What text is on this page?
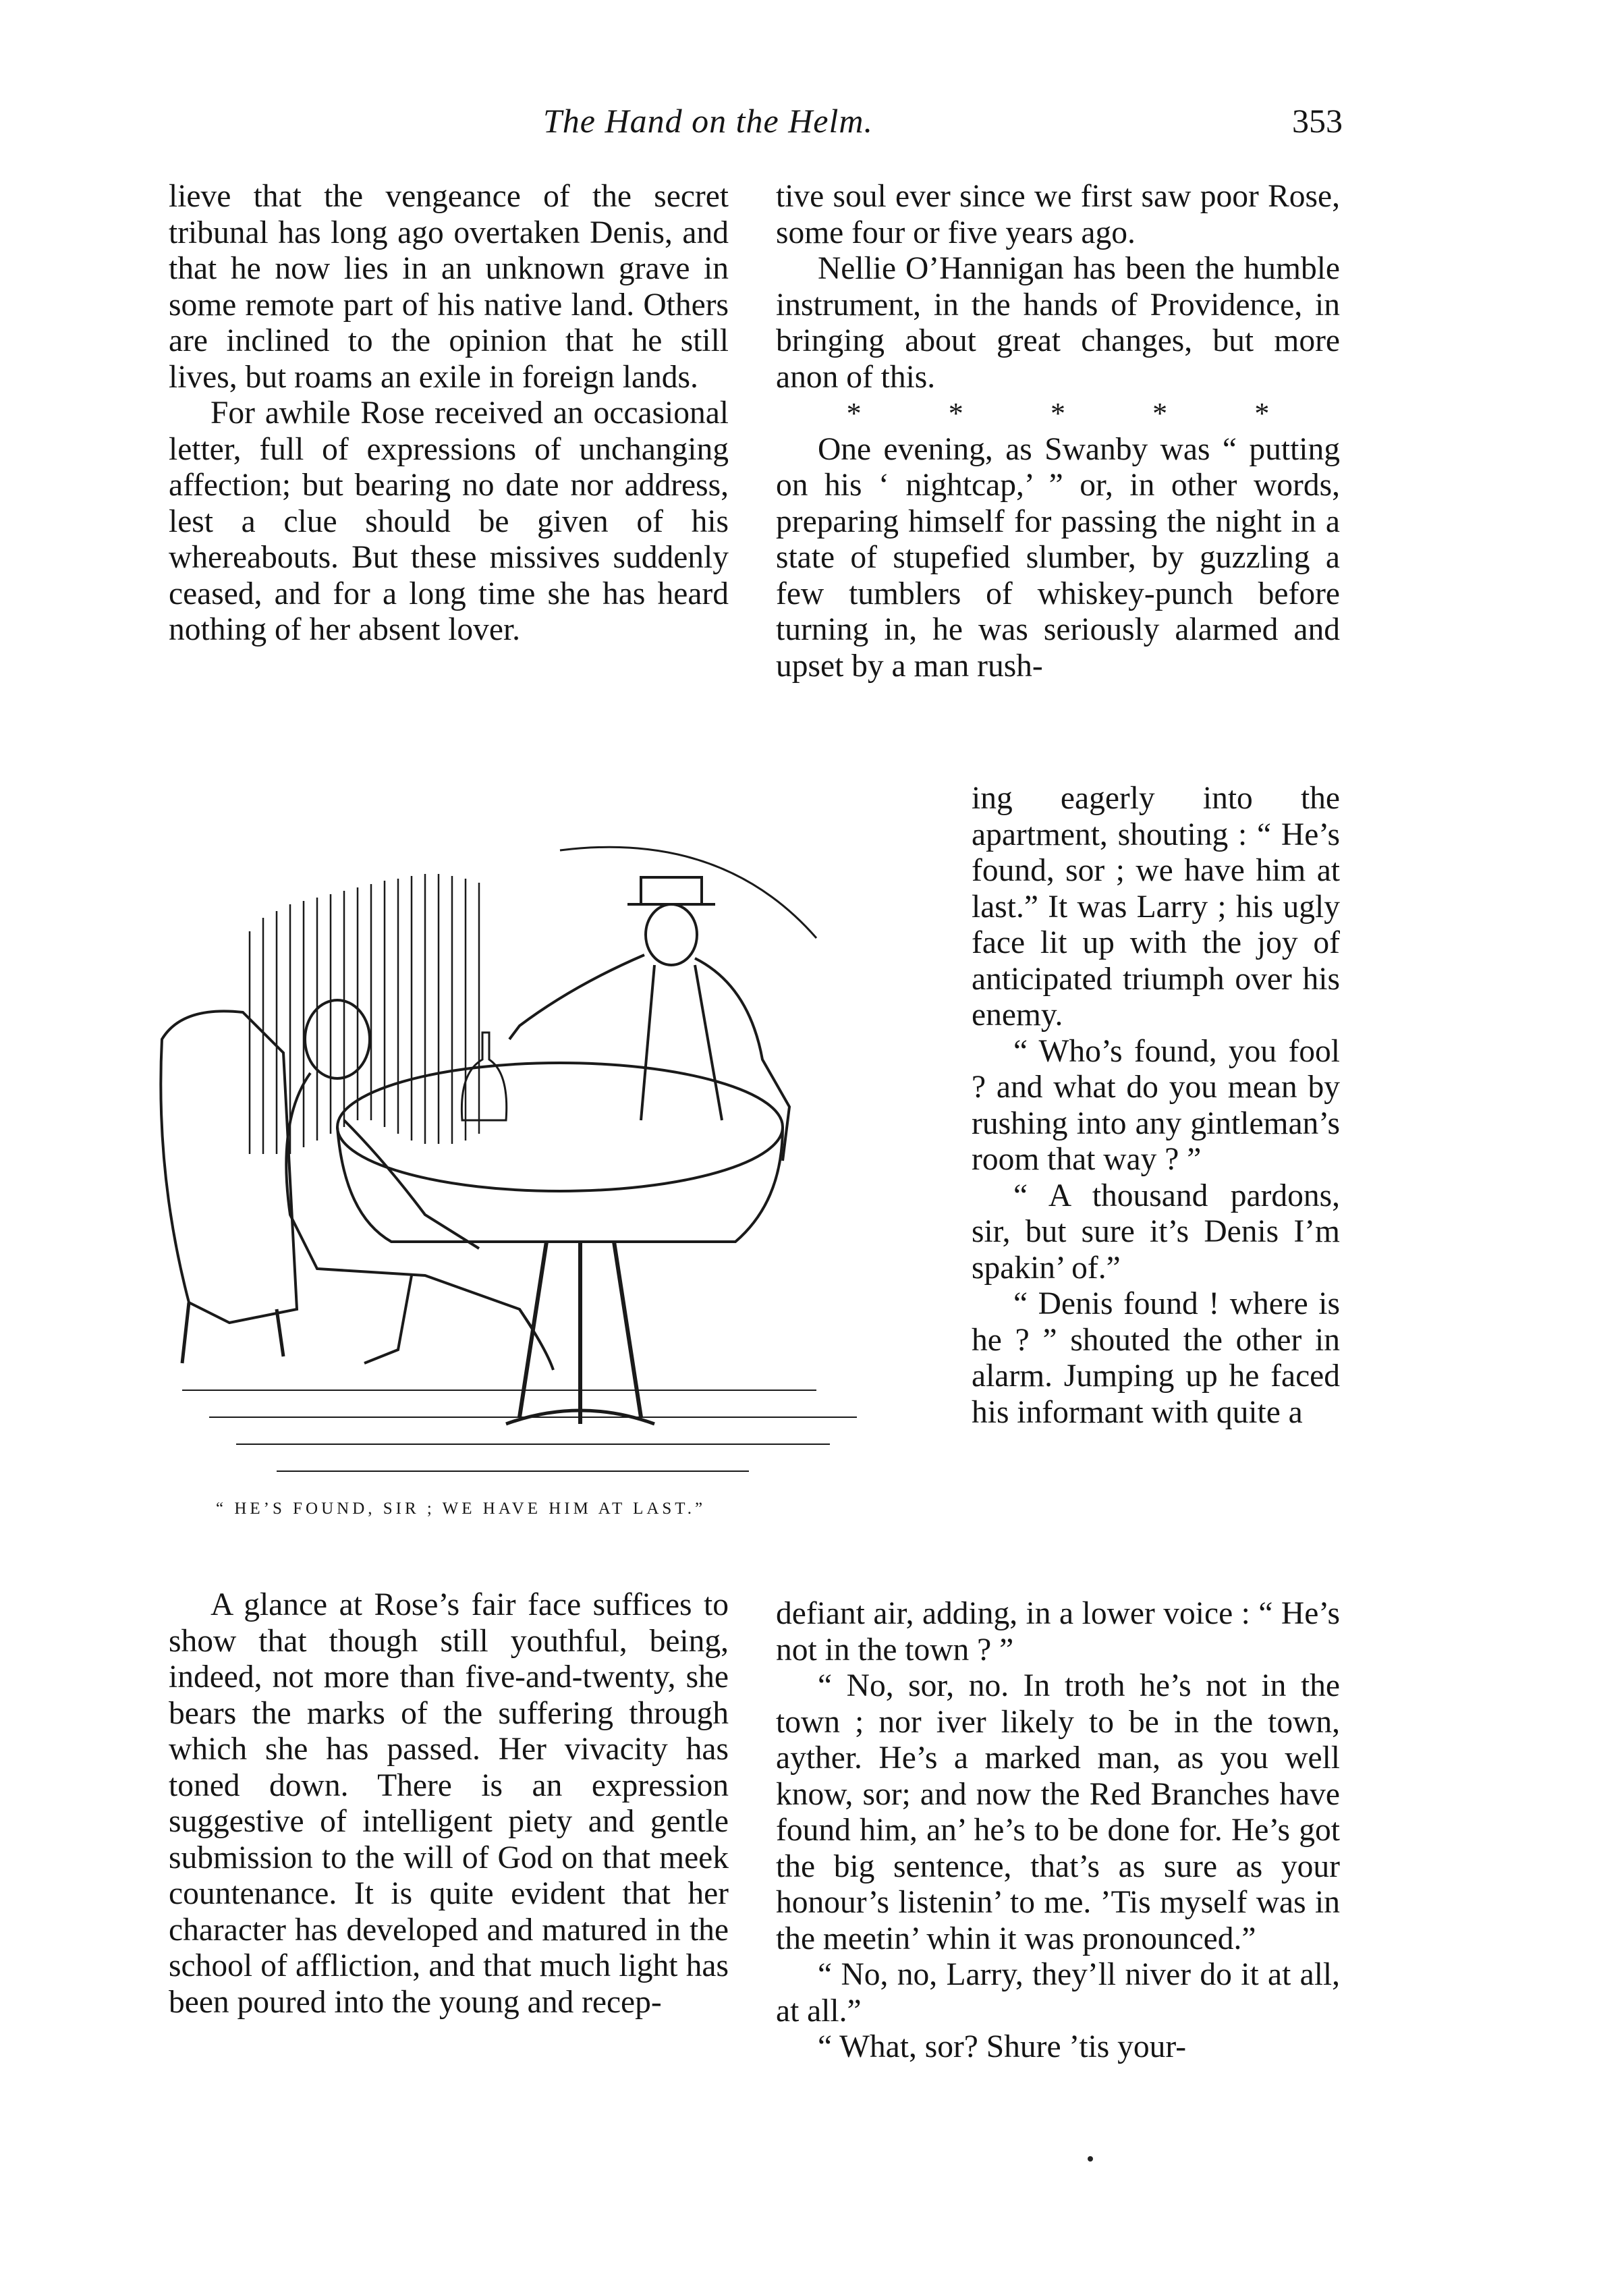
The Hand on the Helm.	353

lieve that the vengeance of the secret tribunal has long ago overtaken Denis, and that he now lies in an unknown grave in some remote part of his native land. Others are inclined to the opinion that he still lives, but roams an exile in foreign lands.

For awhile Rose received an occasional letter, full of expressions of unchanging affection; but bearing no date nor address, lest a clue should be given of his whereabouts. But these missives suddenly ceased, and for a long time she has heard nothing of her absent lover.

tive soul ever since we first saw poor Rose, some four or five years ago.

Nellie O’Hannigan has been the humble instrument, in the hands of Providence, in bringing about great changes, but more anon of this.

*	*	*	*	*

One evening, as Swanby was “ putting on his ‘ nightcap,’ ” or, in other words, preparing himself for passing the night in a state of stupefied slumber, by guzzling a few tumblers of whiskey-punch before turning in, he was seriously alarmed and upset by a man rush-

ing eagerly into the apartment, shouting : “ He’s found, sor ; we have him at last.” It was Larry ; his ugly face lit up with the joy of anticipated triumph over his enemy.

“ Who’s found, you fool ? and what do you mean by rushing into any gintleman’s room that way ? ”

“ A thousand pardons, sir, but sure it’s Denis I’m spakin’ of.”

“ Denis found ! where is he ? ” shouted the other in alarm. Jumping up he faced his informant with quite a

“ HE’S FOUND, SIR ; WE HAVE HIM AT LAST.”

A glance at Rose’s fair face suffices to show that though still youthful, being, indeed, not more than five-and-twenty, she bears the marks of the suffering through which she has passed. Her vivacity has toned down. There is an expression suggestive of intelligent piety and gentle submission to the will of God on that meek countenance. It is quite evident that her character has developed and matured in the school of affliction, and that much light has been poured into the young and recep-

defiant air, adding, in a lower voice : “ He’s not in the town ? ”

“ No, sor, no. In troth he’s not in the town ; nor iver likely to be in the town, ayther. He’s a marked man, as you well know, sor; and now the Red Branches have found him, an’ he’s to be done for. He’s got the big sentence, that’s as sure as your honour’s listenin’ to me. ’Tis myself was in the meetin’ whin it was pronounced.”

“ No, no, Larry, they’ll niver do it at all, at all.”

“ What, sor? Shure ’tis your-
